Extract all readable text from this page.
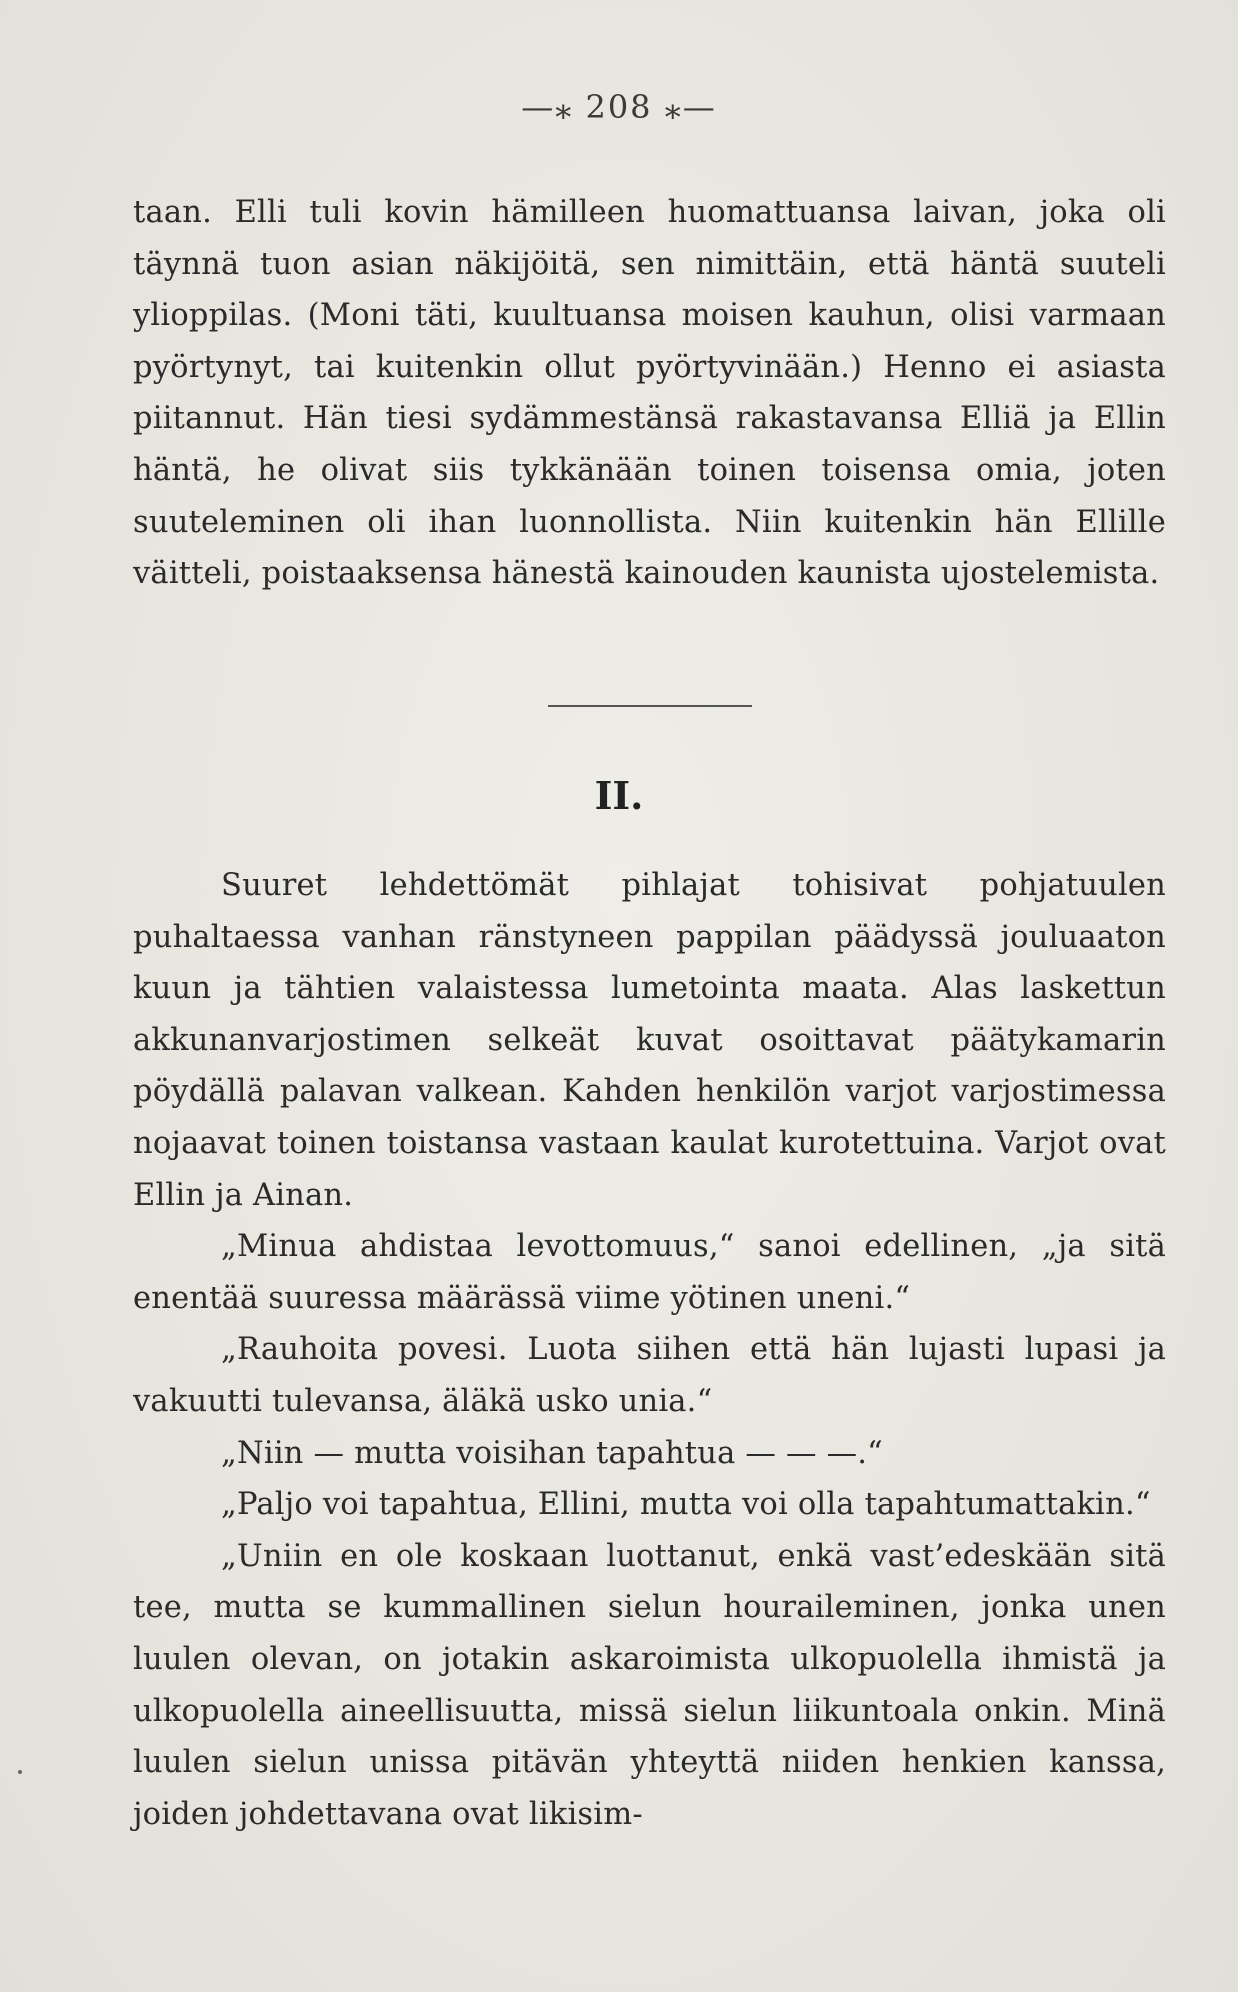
—⁎ 208 ⁎—

taan. Elli tuli kovin hämilleen huomattuansa laivan, joka oli täynnä tuon asian näkijöitä, sen nimittäin, että häntä suuteli ylioppilas. (Moni täti, kuultuansa moisen kauhun, olisi varmaan pyörtynyt, tai kuitenkin ollut pyörtyvinään.) Henno ei asiasta piitannut. Hän tiesi sydämmestänsä rakastavansa Elliä ja Ellin häntä, he olivat siis tykkänään toinen toisensa omia, joten suuteleminen oli ihan luonnollista. Niin kuitenkin hän Ellille väitteli, poistaaksensa hänestä kainouden kaunista ujostelemista.

II.

Suuret lehdettömät pihlajat tohisivat pohjatuulen puhaltaessa vanhan ränstyneen pappilan päädyssä jouluaaton kuun ja tähtien valaistessa lumetointa maata. Alas laskettun akkunanvarjostimen selkeät kuvat osoittavat päätykamarin pöydällä palavan valkean. Kahden henkilön varjot varjostimessa nojaavat toinen toistansa vastaan kaulat kurotettuina. Varjot ovat Ellin ja Ainan.

„Minua ahdistaa levottomuus,“ sanoi edellinen, „ja sitä enentää suuressa määrässä viime yötinen uneni.“

„Rauhoita povesi. Luota siihen että hän lujasti lupasi ja vakuutti tulevansa, äläkä usko unia.“

„Niin — mutta voisihan tapahtua — — —.“

„Paljo voi tapahtua, Ellini, mutta voi olla tapahtumattakin.“

„Uniin en ole koskaan luottanut, enkä vast’edeskään sitä tee, mutta se kummallinen sielun hourailеminen, jonka unen luulen olevan, on jotakin askaroimista ulkopuolella ihmistä ja ulkopuolella aineellisuutta, missä sielun liikuntoala onkin. Minä luulen sielun unissa pitävän yhteyttä niiden henkien kanssa, joiden johdettavana ovat likisim-
